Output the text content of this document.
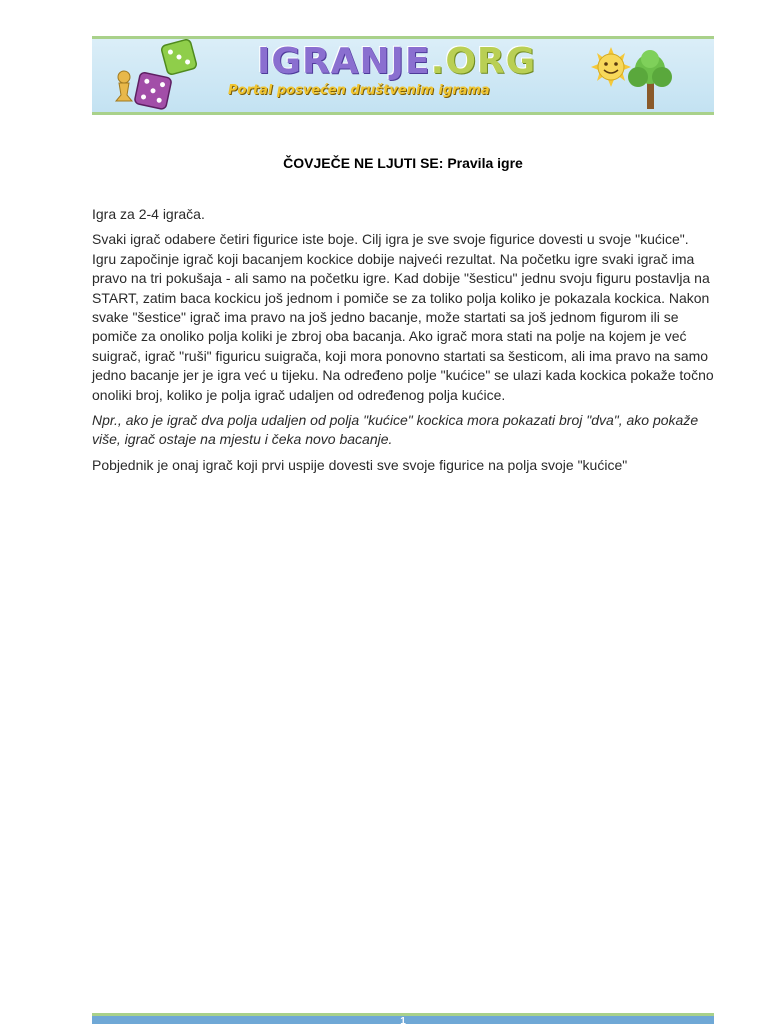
IGRANJE.ORG
Portal posvećen društvenim igrama
ČOVJEČE NE LJUTI SE: Pravila igre

Igra za 2-4 igrača.

Svaki igrač odabere četiri figurice iste boje. Cilj igra je sve svoje figurice dovesti u svoje "kućice". Igru započinje igrač koji bacanjem kockice dobije najveći rezultat. Na početku igre svaki igrač ima pravo na tri pokušaja - ali samo na početku igre. Kad dobije "šesticu" jednu svoju figuru postavlja na START, zatim baca kockicu još jednom i pomiče se za toliko polja koliko je pokazala kockica. Nakon svake "šestice" igrač ima pravo na još jedno bacanje, može startati sa još jednom figurom ili se pomiče za onoliko polja koliki je zbroj oba bacanja. Ako igrač mora stati na polje na kojem je već suigrač, igrač "ruši" figuricu suigrača, koji mora ponovno startati sa šesticom, ali ima pravo na samo jedno bacanje jer je igra već u tijeku. Na određeno polje "kućice" se ulazi kada kockica pokaže točno onoliki broj, koliko je polja igrač udaljen od određenog polja kućice.

Npr., ako je igrač dva polja udaljen od polja "kućice" kockica mora pokazati broj "dva", ako pokaže više, igrač ostaje na mjestu i čeka novo bacanje.

Pobjednik je onaj igrač koji prvi uspije dovesti sve svoje figurice na polja svoje "kućice"

1
